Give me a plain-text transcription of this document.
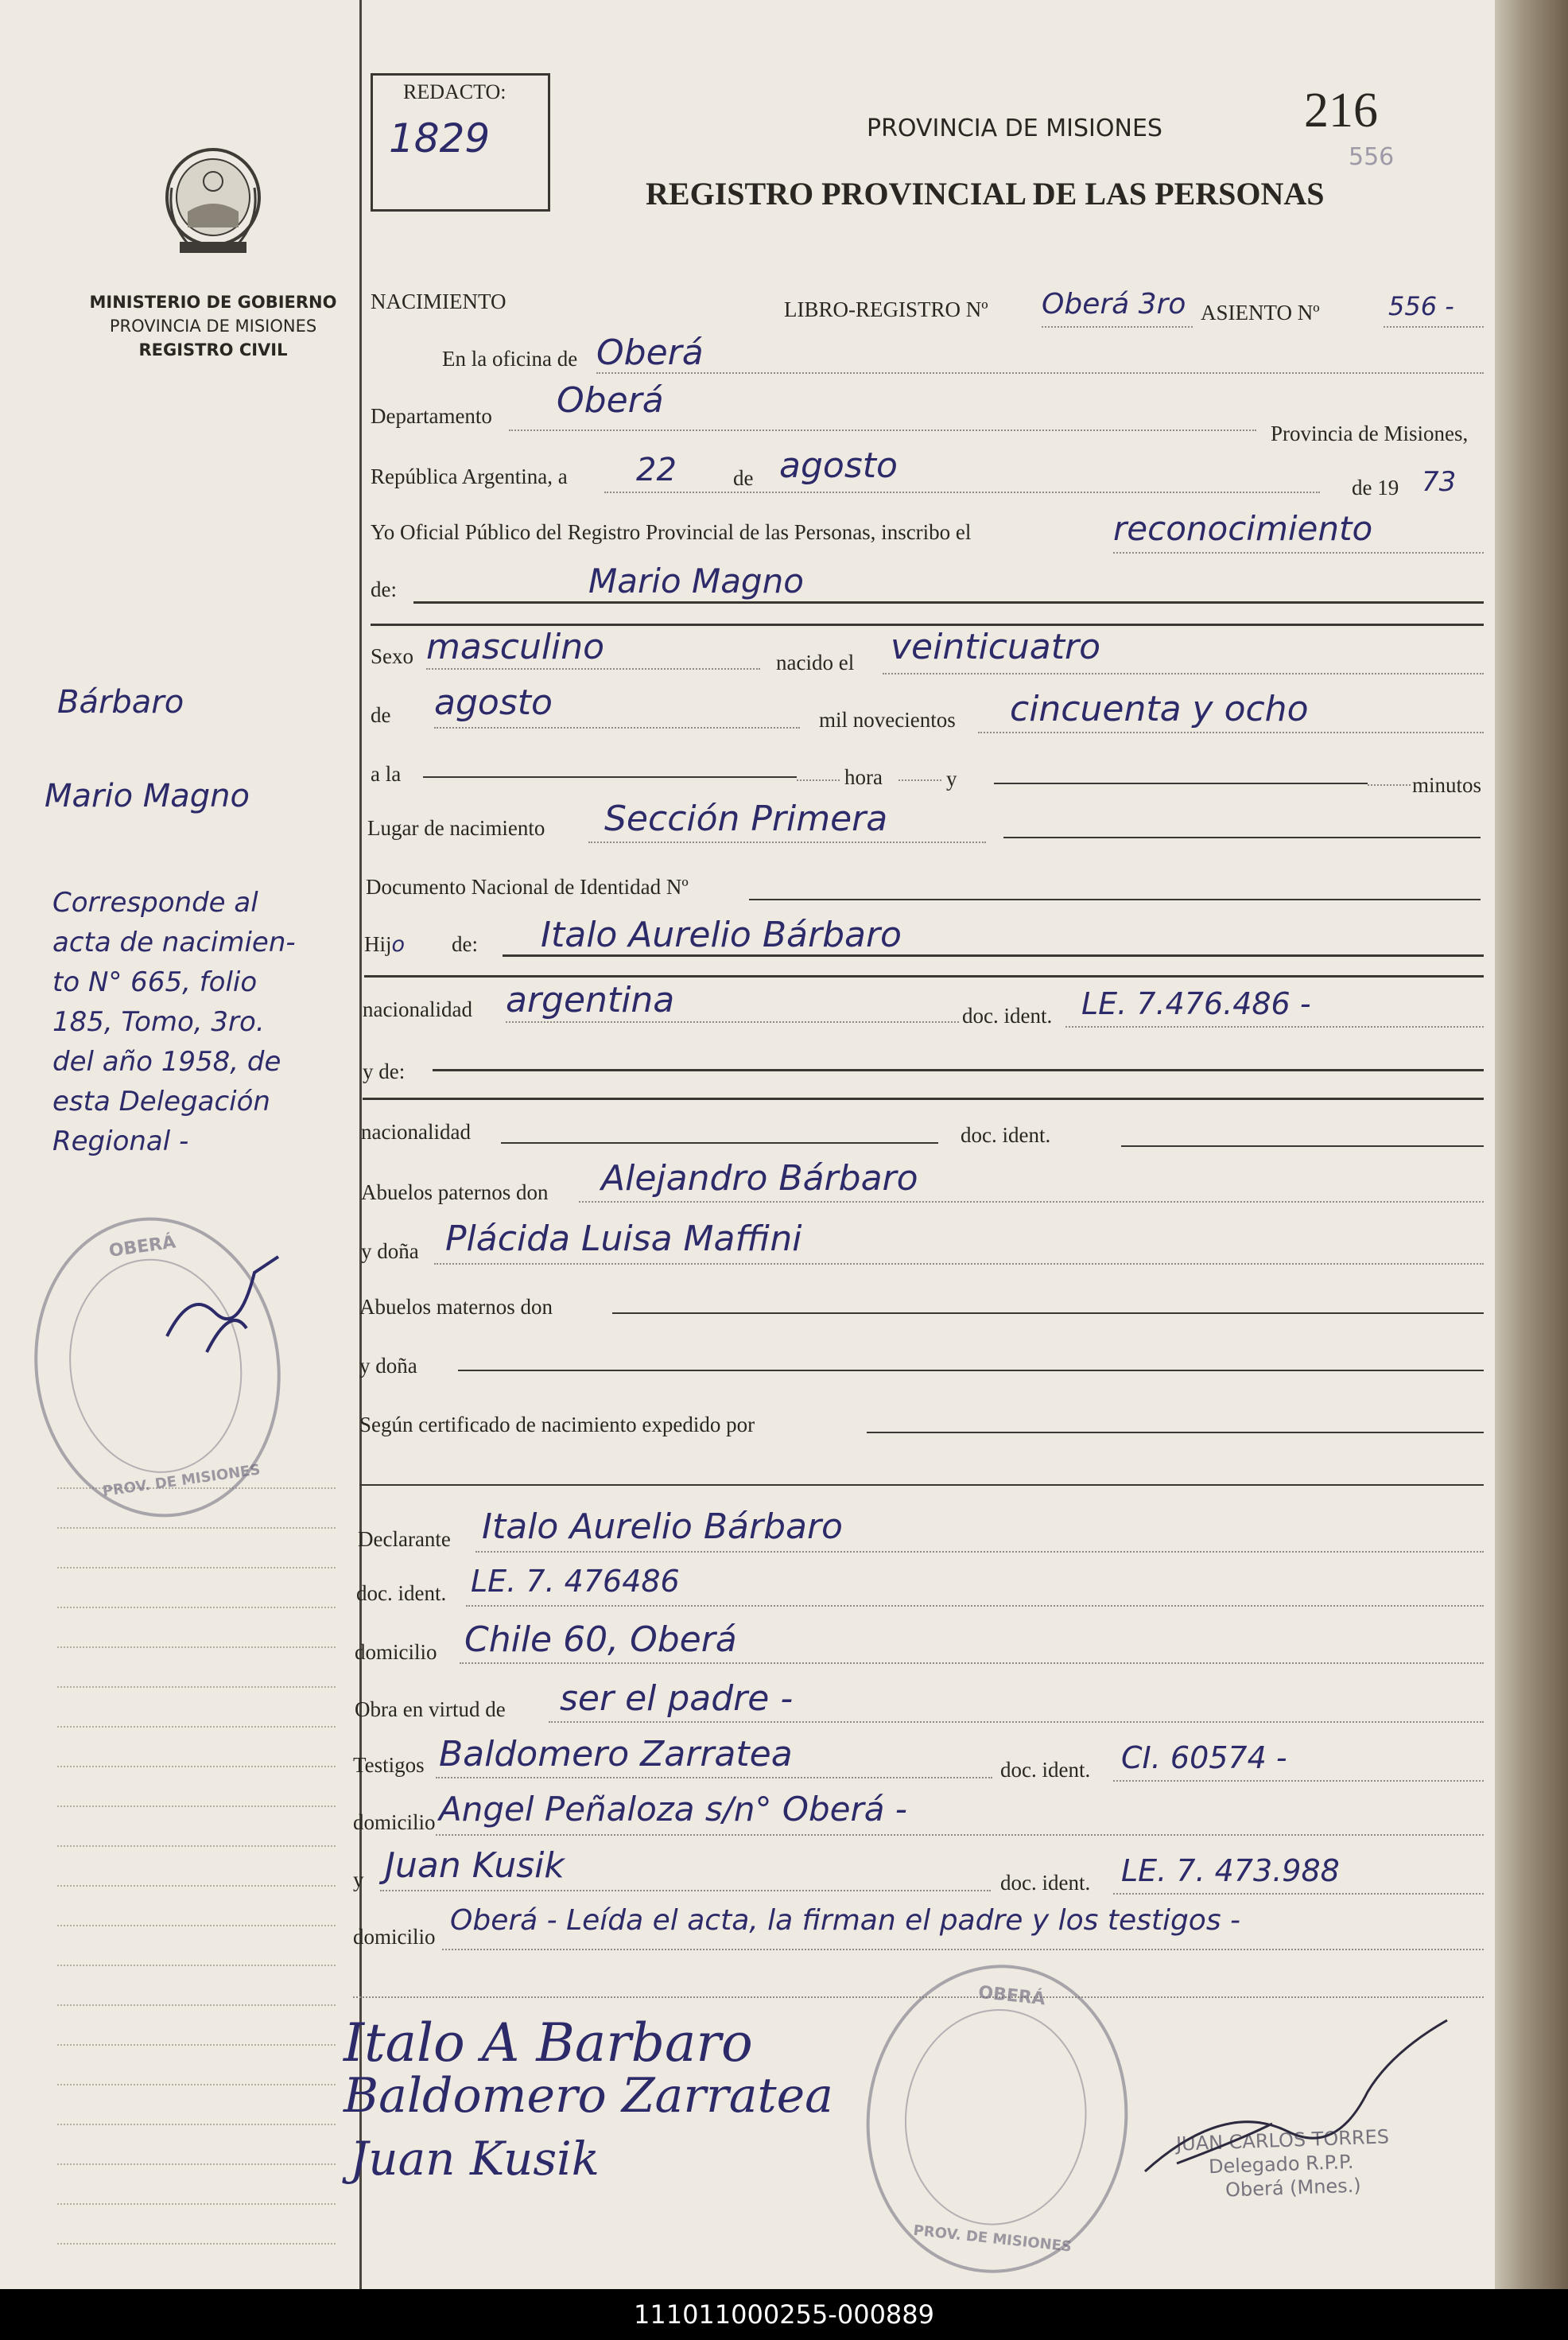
MINISTERIO DE GOBIERNO
PROVINCIA DE MISIONES
REGISTRO CIVIL
Bárbaro
Mario Magno
Corresponde al
acta de nacimien-
to N° 665, folio
185, Tomo, 3ro.
del año 1958, de
esta Delegación
Regional -
OBERÁ
PROV. DE MISIONES
REDACTO:
1829
216
556
PROVINCIA DE MISIONES
REGISTRO PROVINCIAL DE LAS PERSONAS
NACIMIENTO	LIBRO-REGISTRO Nº Oberá 3ro ASIENTO Nº	556 -
En la oficina de Oberá
Departamento Oberá
Provincia de Misiones,
República Argentina, a 22	de agosto
de 19 73
Yo Oficial Público del Registro Provincial de las Personas, inscribo el	reconocimiento
de:	Mario Magno
Sexo masculino	nacido el veinticuatro
de agosto	mil novecientos cincuenta y ocho
a la	hora	y	minutos
Lugar de nacimiento Sección Primera
Documento Nacional de Identidad Nº
Hijo de: Italo Aurelio Bárbaro
nacionalidad argentina	doc. ident. LE. 7.476.486 -
y de:
nacionalidad	doc. ident.
Abuelos paternos don Alejandro Bárbaro
y doña Plácida Luisa Maffini
Abuelos maternos don
y doña
Según certificado de nacimiento expedido por
Declarante Italo Aurelio Bárbaro
doc. ident. LE. 7. 476486
domicilio Chile 60, Oberá
Obra en virtud de ser el padre -
Testigos Baldomero Zarratea	doc. ident. CI. 60574 -
domicilio Angel Peñaloza s/n° Oberá -
y Juan Kusik	doc. ident. LE. 7. 473.988
domicilio Oberá - Leída el acta, la firman el padre y los testigos -
Italo A Barbaro
Baldomero Zarratea
Juan Kusik
OBERÁ
PROV. DE MISIONES
JUAN CARLOS TORRES
Delegado R.P.P.
Oberá (Mnes.)
111011000255-000889
